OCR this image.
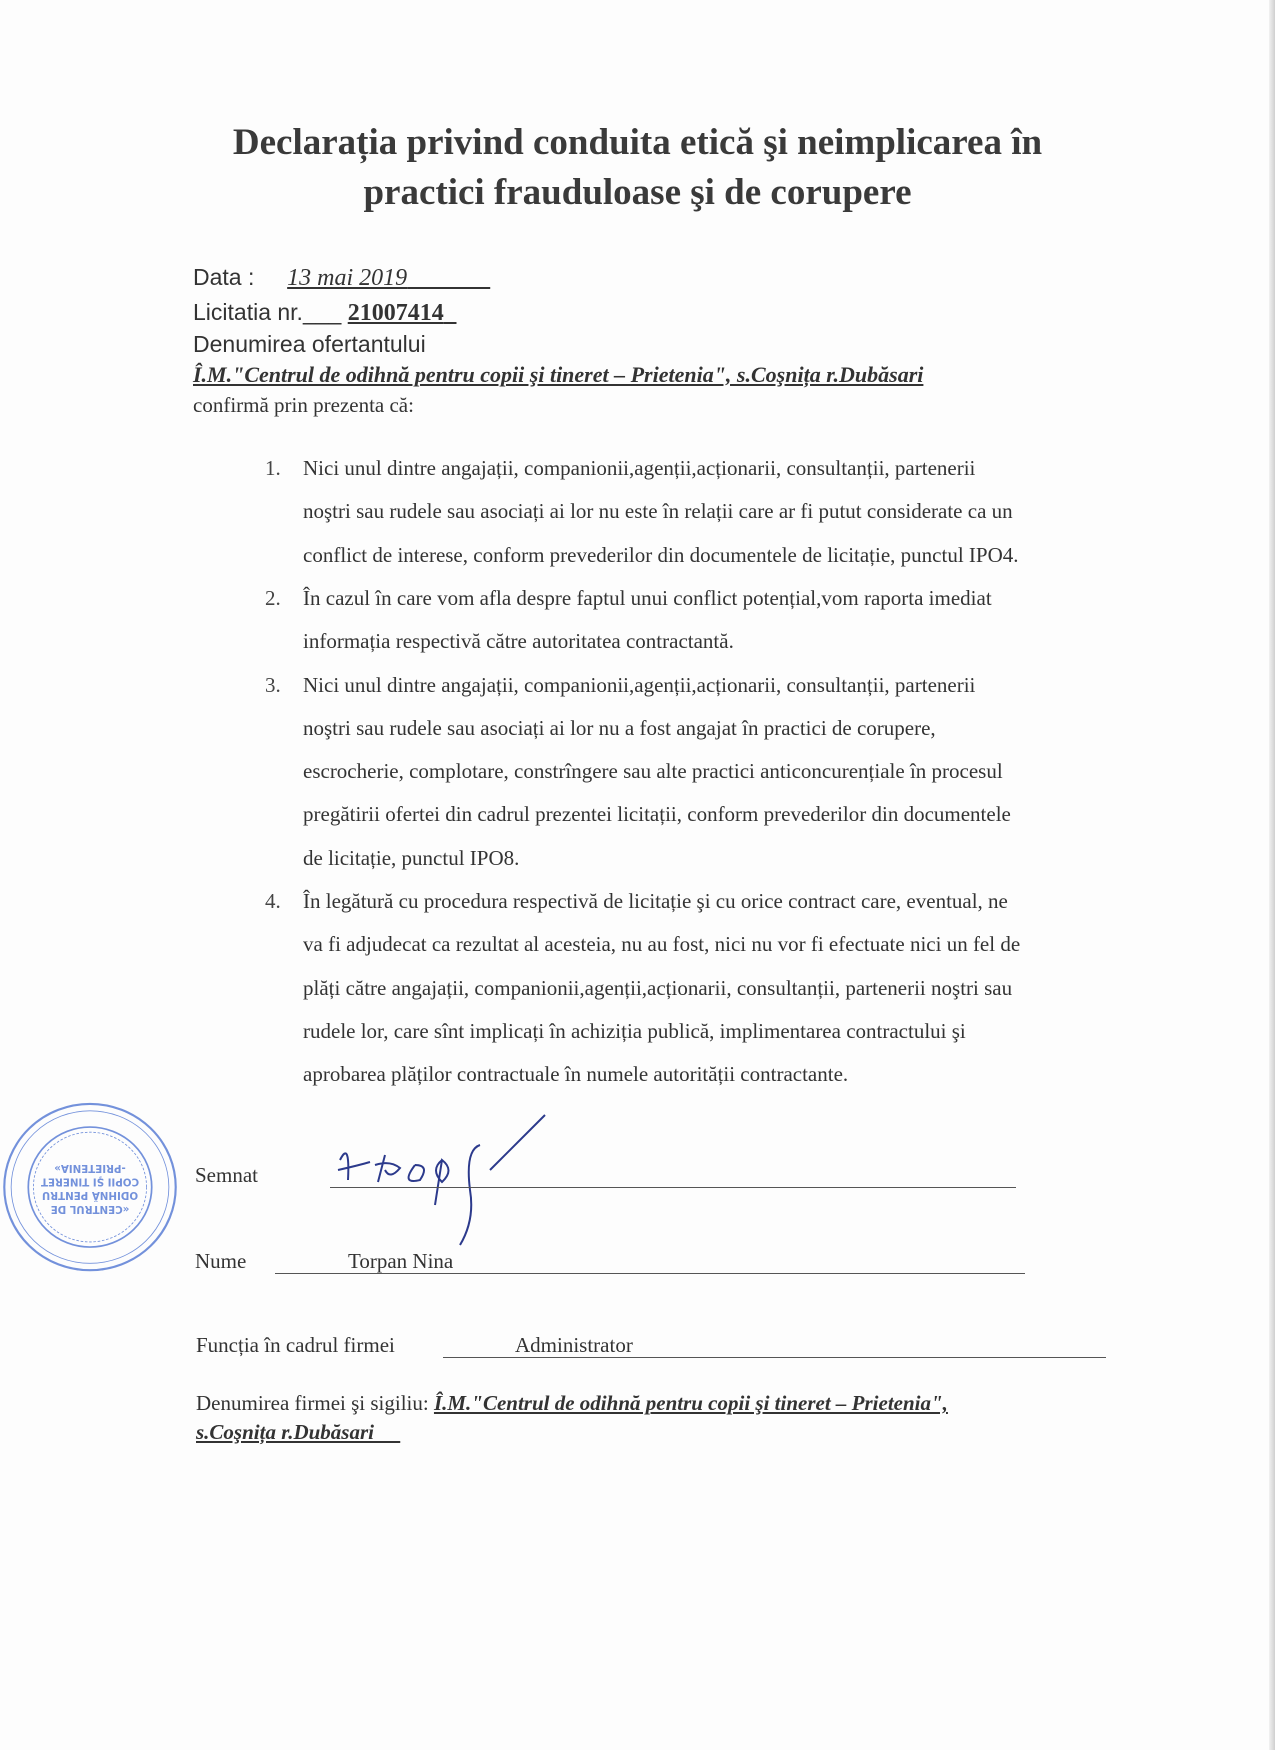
Declarația privind conduita etică şi neimplicarea în
practici frauduloase şi de corupere
Data : 13 mai 2019
Licitatia nr.___ 21007414
Denumirea ofertantului
Î.M."Centrul de odihnă pentru copii şi tineret – Prietenia", s.Coşnița r.Dubăsari
confirmă prin prezenta că:
1. Nici unul dintre angajații, companionii,agenții,acționarii, consultanții, partenerii
noştri sau rudele sau asociați ai lor nu este în relații care ar fi putut considerate ca un
conflict de interese, conform prevederilor din documentele de licitație, punctul IPO4.
2. În cazul în care vom afla despre faptul unui conflict potențial,vom raporta imediat
informația respectivă către autoritatea contractantă.
3. Nici unul dintre angajații, companionii,agenții,acționarii, consultanții, partenerii
noştri sau rudele sau asociați ai lor nu a fost angajat în practici de corupere,
escrocherie, complotare, constrîngere sau alte practici anticoncurențiale în procesul
pregătirii ofertei din cadrul prezentei licitații, conform prevederilor din documentele
de licitație, punctul IPO8.
4. În legătură cu procedura respectivă de licitație şi cu orice contract care, eventual, ne
va fi adjudecat ca rezultat al acesteia, nu au fost, nici nu vor fi efectuate nici un fel de
plăți către angajații, companionii,agenții,acționarii, consultanții, partenerii noştri sau
rudele lor, care sînt implicați în achiziția publică, implimentarea contractului şi
aprobarea plăților contractuale în numele autorității contractante.
«CENTRUL DE
ODIHNĂ PENTRU
COPII ŞI TINERET
-PRIETENIA»	Semnat
Nume	Torpan Nina
Funcția în cadrul firmei	Administrator
Denumirea firmei şi sigiliu: Î.M."Centrul de odihnă pentru copii şi tineret – Prietenia",
s.Coşnița r.Dubăsari
